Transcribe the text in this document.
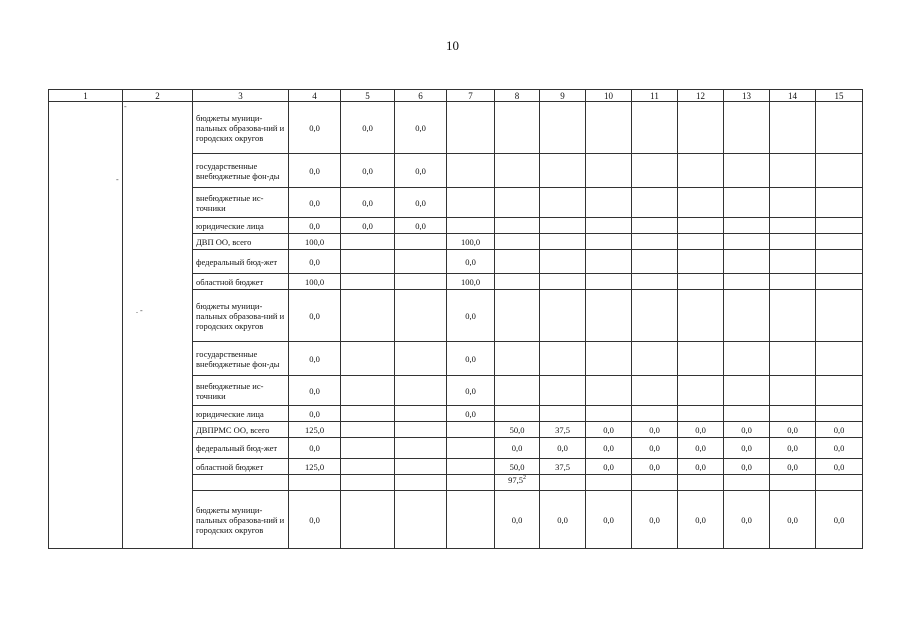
10
1	2	3	4	5	6	7	8	9	10	11	12	13	14	15
		бюджеты муници-пальных образова-ний и городских округов	0,0	0,0	0,0									
		государственные внебюджетные фон-ды	0,0	0,0	0,0									
		внебюджетные ис-точники	0,0	0,0	0,0									
		юридические лица	0,0	0,0	0,0									
		ДВП ОО, всего	100,0			100,0								
		федеральный бюд-жет	0,0			0,0								
		областной бюджет	100,0			100,0								
		бюджеты муници-пальных образова-ний и городских округов	0,0			0,0								
		государственные внебюджетные фон-ды	0,0			0,0								
		внебюджетные ис-точники	0,0			0,0								
		юридические лица	0,0			0,0								
		ДВПРМС ОО, всего	125,0				50,0	37,5	0,0	0,0	0,0	0,0	0,0	0,0
		федеральный бюд-жет	0,0				0,0	0,0	0,0	0,0	0,0	0,0	0,0	0,0
		областной бюджет	125,0				50,0	37,5	0,0	0,0	0,0	0,0	0,0	0,0
							97,5$^2$							
		бюджеты муници-пальных образова-ний и городских округов	0,0				0,0	0,0	0,0	0,0	0,0	0,0	0,0	0,0
-
-
. -
